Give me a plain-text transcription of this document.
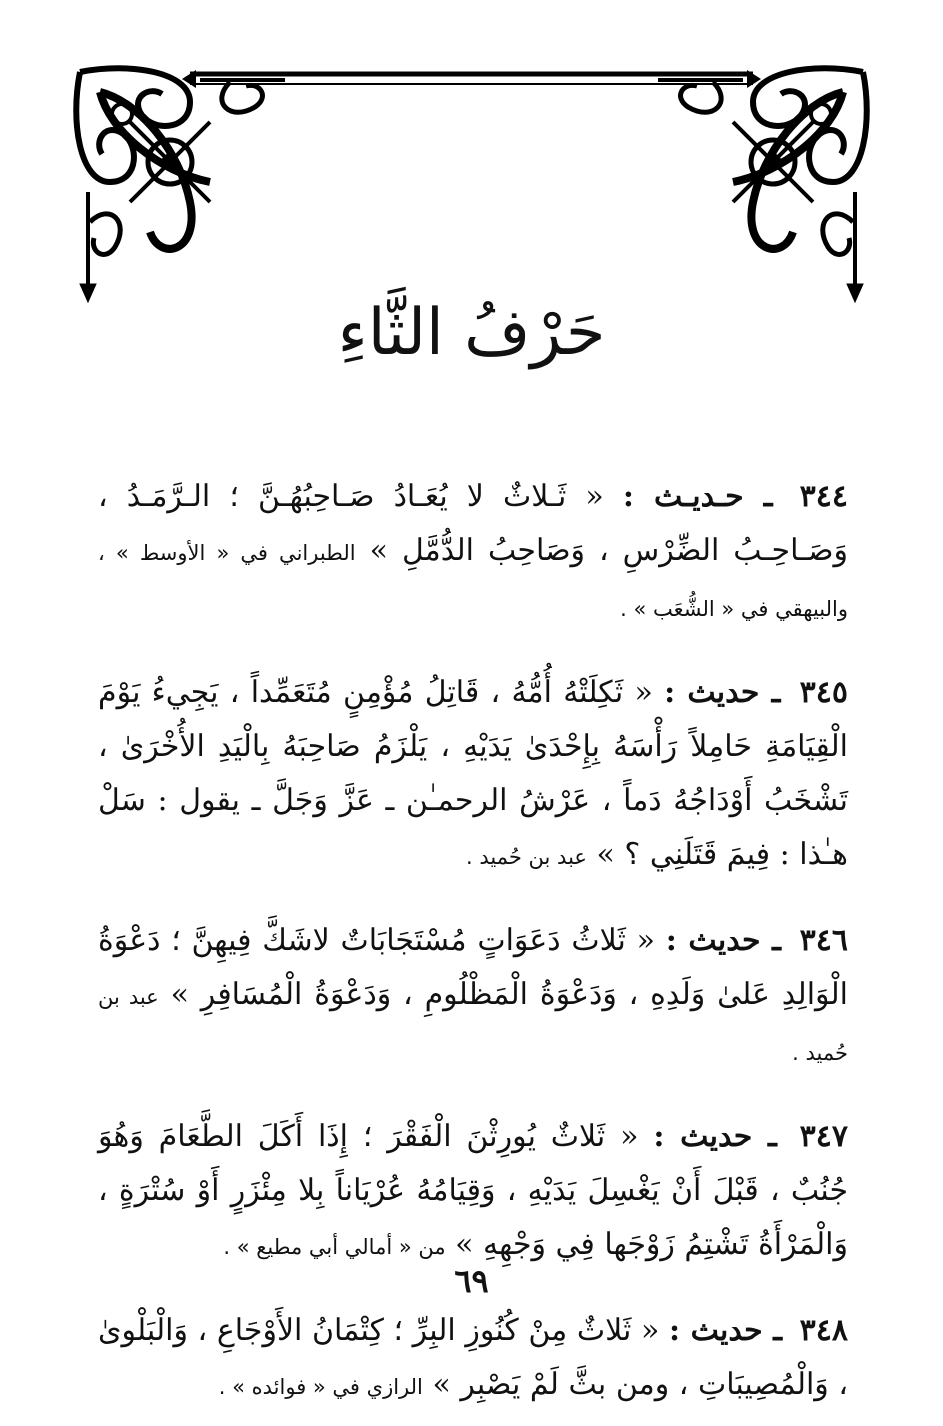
حَرْفُ الثَّاءِ

٣٤٤ ـ حـديـث : « ثَـلاثٌ لا يُعَـادُ صَـاحِبُهُـنَّ ؛ الـرَّمَـدُ ، وَصَـاحِـبُ الضِّرْسِ ، وَصَاحِبُ الدُّمَّلِ » الطبراني في « الأوسط » ، والبيهقي في « الشُّعَب » .

٣٤٥ ـ حديث : « ثَكِلَتْهُ أُمُّهُ ، قَاتِلُ مُؤْمِنٍ مُتَعَمِّداً ، يَجِيءُ يَوْمَ الْقِيَامَةِ حَامِلاً رَأْسَهُ بِإِحْدَىٰ يَدَيْهِ ، يَلْزَمُ صَاحِبَهُ بِالْيَدِ الأُخْرَىٰ ، تَشْخَبُ أَوْدَاجُهُ دَماً ، عَرْشُ الرحمـٰن ـ عَزَّ وَجَلَّ ـ يقول : سَلْ هـٰذا : فِيمَ قَتَلَنِي ؟ » عبد بن حُميد .

٣٤٦ ـ حديث : « ثَلاثُ دَعَوَاتٍ مُسْتَجَابَاتٌ لاشَكَّ فِيهِنَّ ؛ دَعْوَةُ الْوَالِدِ عَلىٰ وَلَدِهِ ، وَدَعْوَةُ الْمَظْلُومِ ، وَدَعْوَةُ الْمُسَافِرِ » عبد بن حُميد .

٣٤٧ ـ حديث : « ثَلاثٌ يُورِثْنَ الْفَقْرَ ؛ إِذَا أَكَلَ الطَّعَامَ وَهُوَ جُنُبٌ ، قَبْلَ أَنْ يَغْسِلَ يَدَيْهِ ، وَقِيَامُهُ عُرْيَاناً بِلا مِئْزَرٍ أَوْ سُتْرَةٍ ، وَالْمَرْأَةُ تَشْتِمُ زَوْجَها فِي وَجْهِهِ » من « أمالي أبي مطيع » .

٣٤٨ ـ حديث : « ثَلاثٌ مِنْ كُنُوزِ البِرِّ ؛ كِتْمَانُ الأَوْجَاعِ ، وَالْبَلْوىٰ ، وَالْمُصِيبَاتِ ، ومن بثَّ لَمْ يَصْبِر » الرازي في « فوائده » .

٦٩
